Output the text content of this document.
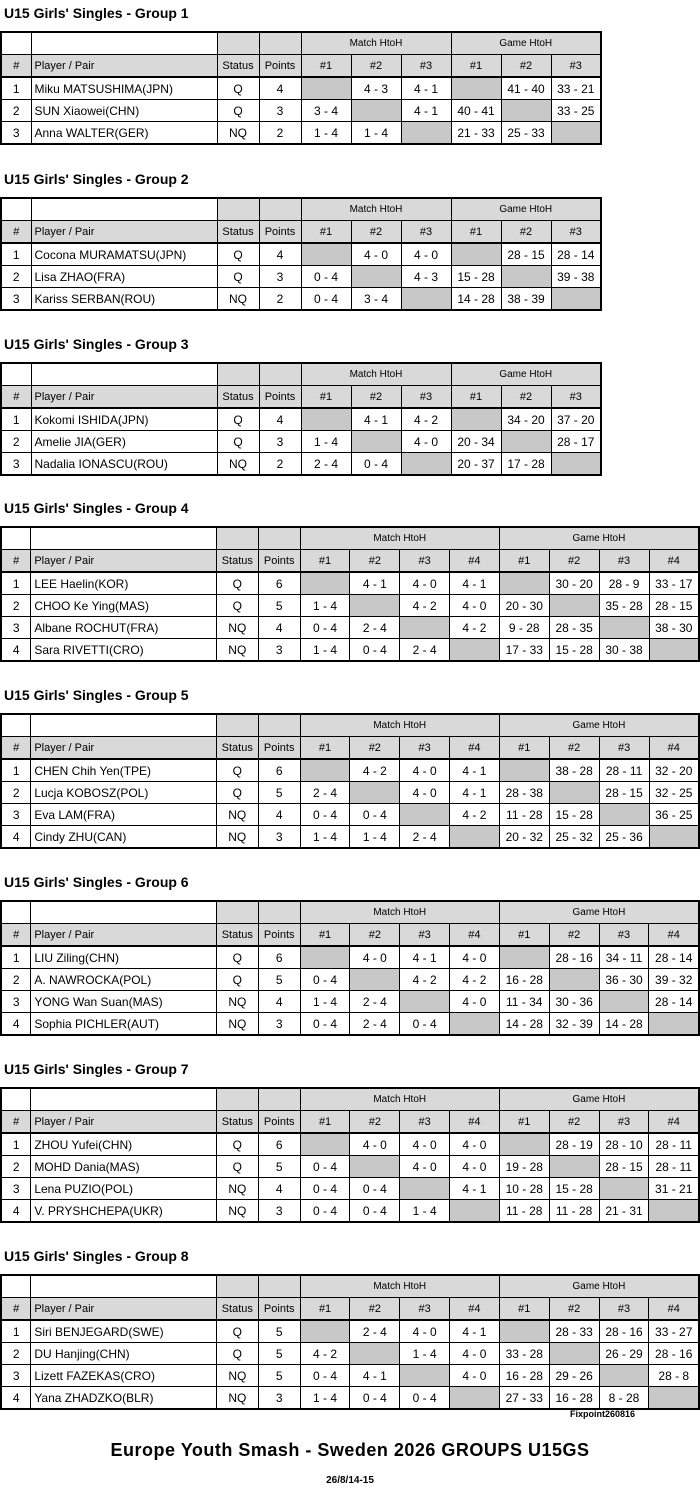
U15 Girls' Singles - Group 1
				Match HtoH			Game HtoH		
#	Player / Pair	Status	Points	#1	#2	#3	#1	#2	#3
1	Miku MATSUSHIMA(JPN)	Q	4		4 - 3	4 - 1		41 - 40	33 - 21
2	SUN Xiaowei(CHN)	Q	3	3 - 4		4 - 1	40 - 41		33 - 25
3	Anna WALTER(GER)	NQ	2	1 - 4	1 - 4		21 - 33	25 - 33	
U15 Girls' Singles - Group 2
				Match HtoH			Game HtoH		
#	Player / Pair	Status	Points	#1	#2	#3	#1	#2	#3
1	Cocona MURAMATSU(JPN)	Q	4		4 - 0	4 - 0		28 - 15	28 - 14
2	Lisa ZHAO(FRA)	Q	3	0 - 4		4 - 3	15 - 28		39 - 38
3	Kariss SERBAN(ROU)	NQ	2	0 - 4	3 - 4		14 - 28	38 - 39	
U15 Girls' Singles - Group 3
				Match HtoH			Game HtoH		
#	Player / Pair	Status	Points	#1	#2	#3	#1	#2	#3
1	Kokomi ISHIDA(JPN)	Q	4		4 - 1	4 - 2		34 - 20	37 - 20
2	Amelie JIA(GER)	Q	3	1 - 4		4 - 0	20 - 34		28 - 17
3	Nadalia IONASCU(ROU)	NQ	2	2 - 4	0 - 4		20 - 37	17 - 28	
U15 Girls' Singles - Group 4
				Match HtoH				Game HtoH			
#	Player / Pair	Status	Points	#1	#2	#3	#4	#1	#2	#3	#4
1	LEE Haelin(KOR)	Q	6		4 - 1	4 - 0	4 - 1		30 - 20	28 - 9	33 - 17
2	CHOO Ke Ying(MAS)	Q	5	1 - 4		4 - 2	4 - 0	20 - 30		35 - 28	28 - 15
3	Albane ROCHUT(FRA)	NQ	4	0 - 4	2 - 4		4 - 2	9 - 28	28 - 35		38 - 30
4	Sara RIVETTI(CRO)	NQ	3	1 - 4	0 - 4	2 - 4		17 - 33	15 - 28	30 - 38	
U15 Girls' Singles - Group 5
				Match HtoH				Game HtoH			
#	Player / Pair	Status	Points	#1	#2	#3	#4	#1	#2	#3	#4
1	CHEN Chih Yen(TPE)	Q	6		4 - 2	4 - 0	4 - 1		38 - 28	28 - 11	32 - 20
2	Lucja KOBOSZ(POL)	Q	5	2 - 4		4 - 0	4 - 1	28 - 38		28 - 15	32 - 25
3	Eva LAM(FRA)	NQ	4	0 - 4	0 - 4		4 - 2	11 - 28	15 - 28		36 - 25
4	Cindy ZHU(CAN)	NQ	3	1 - 4	1 - 4	2 - 4		20 - 32	25 - 32	25 - 36	
U15 Girls' Singles - Group 6
				Match HtoH				Game HtoH			
#	Player / Pair	Status	Points	#1	#2	#3	#4	#1	#2	#3	#4
1	LIU Ziling(CHN)	Q	6		4 - 0	4 - 1	4 - 0		28 - 16	34 - 11	28 - 14
2	A. NAWROCKA(POL)	Q	5	0 - 4		4 - 2	4 - 2	16 - 28		36 - 30	39 - 32
3	YONG Wan Suan(MAS)	NQ	4	1 - 4	2 - 4		4 - 0	11 - 34	30 - 36		28 - 14
4	Sophia PICHLER(AUT)	NQ	3	0 - 4	2 - 4	0 - 4		14 - 28	32 - 39	14 - 28	
U15 Girls' Singles - Group 7
				Match HtoH				Game HtoH			
#	Player / Pair	Status	Points	#1	#2	#3	#4	#1	#2	#3	#4
1	ZHOU Yufei(CHN)	Q	6		4 - 0	4 - 0	4 - 0		28 - 19	28 - 10	28 - 11
2	MOHD Dania(MAS)	Q	5	0 - 4		4 - 0	4 - 0	19 - 28		28 - 15	28 - 11
3	Lena PUZIO(POL)	NQ	4	0 - 4	0 - 4		4 - 1	10 - 28	15 - 28		31 - 21
4	V. PRYSHCHEPA(UKR)	NQ	3	0 - 4	0 - 4	1 - 4		11 - 28	11 - 28	21 - 31	
U15 Girls' Singles - Group 8
				Match HtoH				Game HtoH			
#	Player / Pair	Status	Points	#1	#2	#3	#4	#1	#2	#3	#4
1	Siri BENJEGARD(SWE)	Q	5		2 - 4	4 - 0	4 - 1		28 - 33	28 - 16	33 - 27
2	DU Hanjing(CHN)	Q	5	4 - 2		1 - 4	4 - 0	33 - 28		26 - 29	28 - 16
3	Lizett FAZEKAS(CRO)	NQ	5	0 - 4	4 - 1		4 - 0	16 - 28	29 - 26		28 - 8
4	Yana ZHADZKO(BLR)	NQ	3	1 - 4	0 - 4	0 - 4		27 - 33	16 - 28	8 - 28	
Fixpoint260816
Europe Youth Smash - Sweden 2026 GROUPS U15GS
26/8/14-15
